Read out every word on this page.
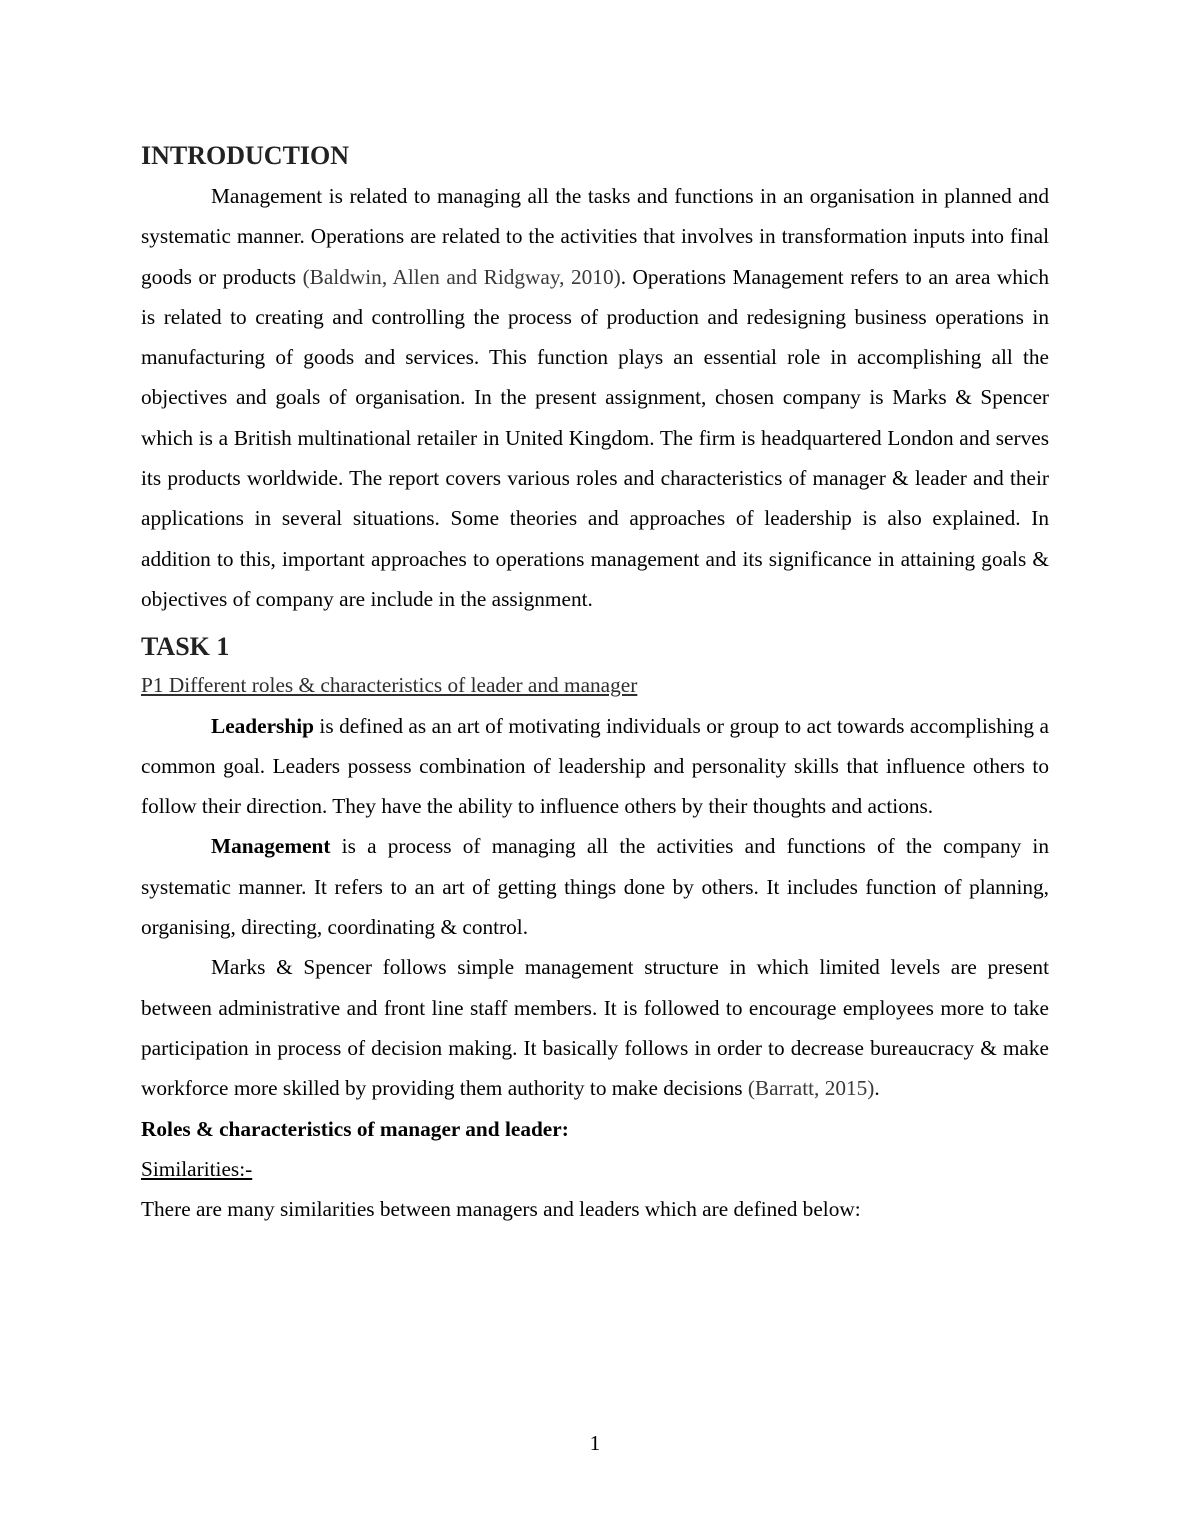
INTRODUCTION

Management is related to managing all the tasks and functions in an organisation in planned and systematic manner. Operations are related to the activities that involves in transformation inputs into final goods or products (Baldwin, Allen and Ridgway, 2010). Operations Management refers to an area which is related to creating and controlling the process of production and redesigning business operations in manufacturing of goods and services. This function plays an essential role in accomplishing all the objectives and goals of organisation. In the present assignment, chosen company is Marks & Spencer which is a British multinational retailer in United Kingdom. The firm is headquartered London and serves its products worldwide. The report covers various roles and characteristics of manager & leader and their applications in several situations. Some theories and approaches of leadership is also explained. In addition to this, important approaches to operations management and its significance in attaining goals & objectives of company are include in the assignment.

TASK 1

P1 Different roles & characteristics of leader and manager

Leadership is defined as an art of motivating individuals or group to act towards accomplishing a common goal. Leaders possess combination of leadership and personality skills that influence others to follow their direction. They have the ability to influence others by their thoughts and actions.

Management is a process of managing all the activities and functions of the company in systematic manner. It refers to an art of getting things done by others. It includes function of planning, organising, directing, coordinating & control.

Marks & Spencer follows simple management structure in which limited levels are present between administrative and front line staff members. It is followed to encourage employees more to take participation in process of decision making. It basically follows in order to decrease bureaucracy & make workforce more skilled by providing them authority to make decisions (Barratt, 2015).

Roles & characteristics of manager and leader:

Similarities:-

There are many similarities between managers and leaders which are defined below:

1
